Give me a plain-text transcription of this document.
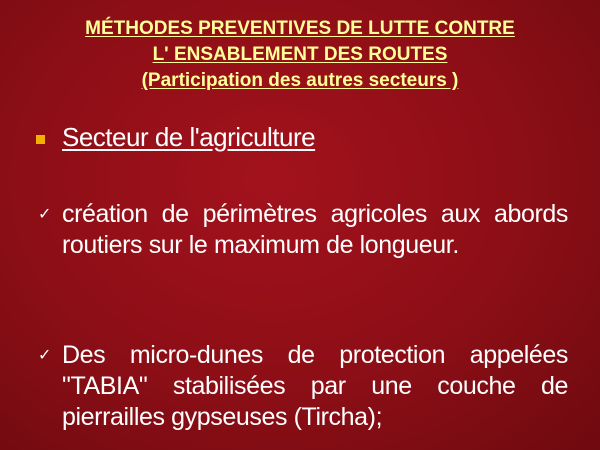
MÉTHODES PREVENTIVES DE LUTTE CONTRE
L' ENSABLEMENT DES ROUTES
(Participation des autres secteurs )
Secteur de l'agriculture
✓ création de périmètres agricoles aux abords routiers sur le maximum de longueur.
✓ Des micro-dunes de protection appelées "TABIA" stabilisées par une couche de pierrailles gypseuses (Tircha);
